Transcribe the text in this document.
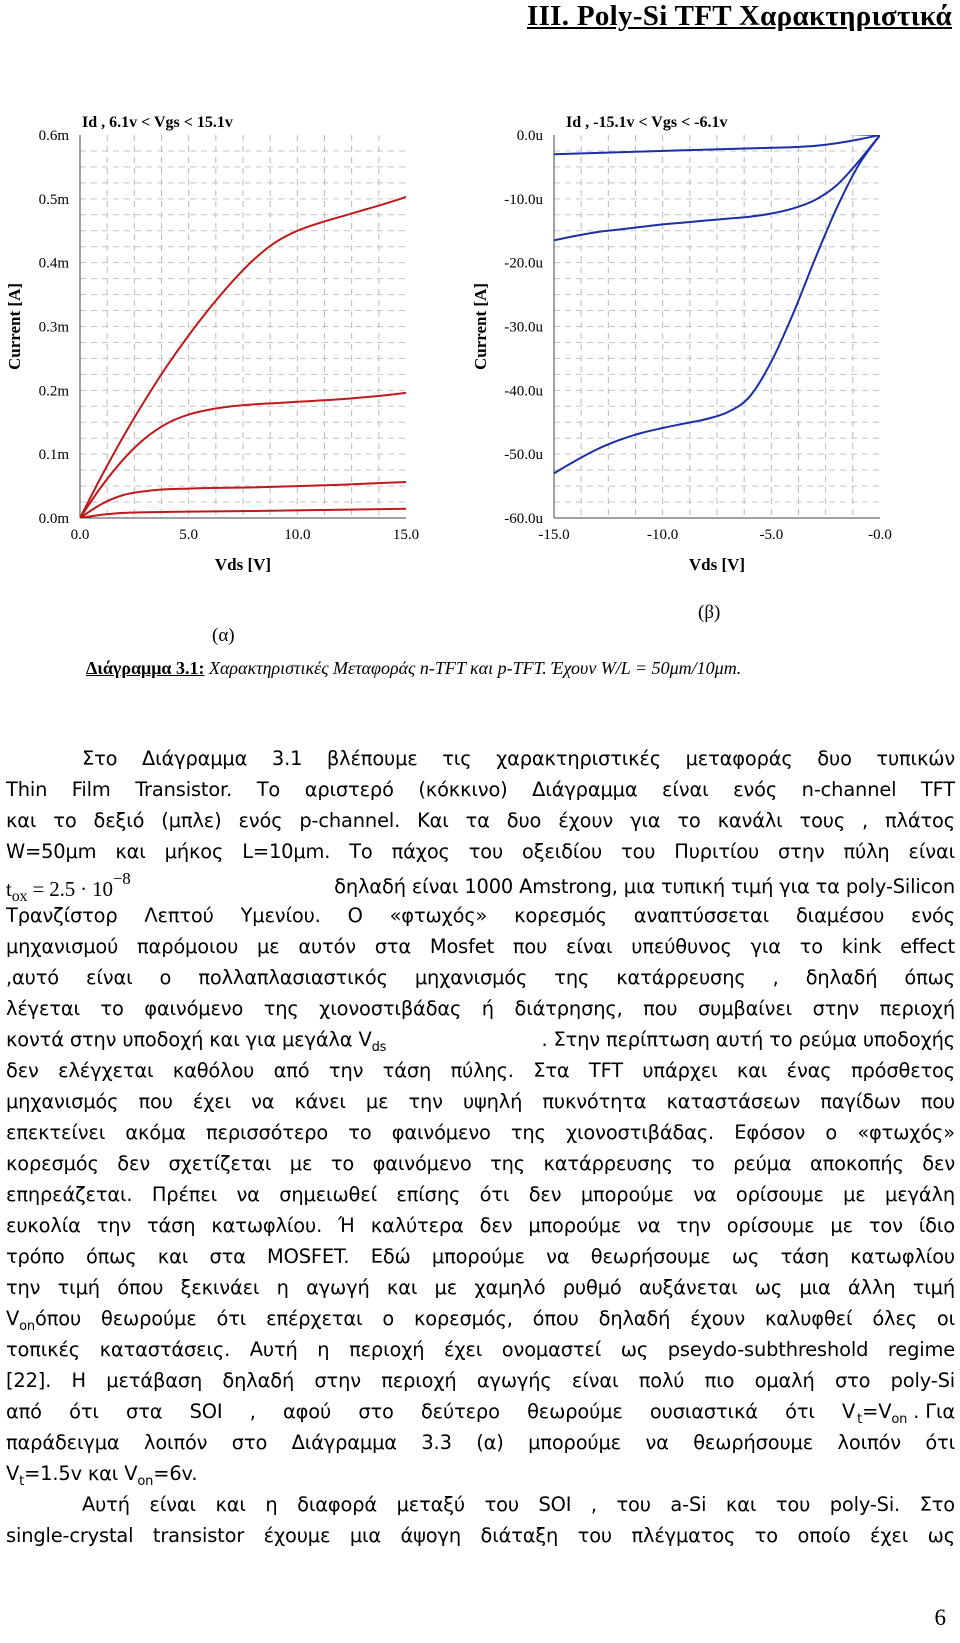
III. Poly-Si TFT Χαρακτηριστικά
0.0m
0.1m
0.2m
0.3m
0.4m
0.5m
0.6m
0.0	5.0	10.0	15.0
Id , 6.1v < Vgs < 15.1v
Vds [V]
Current [A]
-60.0u
-50.0u
-40.0u
-30.0u
-20.0u
-10.0u
0.0u
-15.0	-10.0	-5.0	-0.0
Id , -15.1v < Vgs < -6.1v
Vds [V]
Current [A]
(α)
(β)
Διάγραμμα 3.1: Χαρακτηριστικές Μεταφοράς n-TFT και p-TFT. Έχουν W/L = 50μm/10μm.
Στο Διάγραμμα 3.1 βλέπουμε τις χαρακτηριστικές μεταφοράς δυο τυπικών
Thin Film Transistor. Το αριστερό (κόκκινο) Διάγραμμα είναι ενός n-channel TFT
και το δεξιό (μπλε) ενός p-channel. Και τα δυο έχουν για το κανάλι τους , πλάτος
W=50μm και μήκος L=10μm. Το πάχος του οξειδίου του Πυριτίου στην πύλη είναι
$t_{ox} = 2.5 \cdot 10^{-8}$	δηλαδή είναι 1000 Amstrong, μια τυπική τιμή για τα poly-Silicon
Τρανζίστορ Λεπτού Υμενίου. Ο «φτωχός» κορεσμός αναπτύσσεται διαμέσου ενός
μηχανισμού παρόμοιου με αυτόν στα Mosfet που είναι υπεύθυνος για το kink effect
,αυτό είναι ο πολλαπλασιαστικός μηχανισμός της κατάρρευσης , δηλαδή όπως
λέγεται το φαινόμενο της χιονοστιβάδας ή διάτρησης, που συμβαίνει στην περιοχή
κοντά στην υποδοχή και για μεγάλα $V_{ds}$	. Στην περίπτωση αυτή το ρεύμα υποδοχής
δεν ελέγχεται καθόλου από την τάση πύλης. Στα TFT υπάρχει και ένας πρόσθετος
μηχανισμός που έχει να κάνει με την υψηλή πυκνότητα καταστάσεων παγίδων που
επεκτείνει ακόμα περισσότερο το φαινόμενο της χιονοστιβάδας. Εφόσον ο «φτωχός»
κορεσμός δεν σχετίζεται με το φαινόμενο της κατάρρευσης το ρεύμα αποκοπής δεν
επηρεάζεται. Πρέπει να σημειωθεί επίσης ότι δεν μπορούμε να ορίσουμε με μεγάλη
ευκολία την τάση κατωφλίου. Ή καλύτερα δεν μπορούμε να την ορίσουμε με τον ίδιο
τρόπο όπως και στα MOSFET. Εδώ μπορούμε να θεωρήσουμε ως τάση κατωφλίου
την τιμή όπου ξεκινάει η αγωγή και με χαμηλό ρυθμό αυξάνεται ως μια άλλη τιμή
$V_{on}$ όπου θεωρούμε ότι επέρχεται ο κορεσμός, όπου δηλαδή έχουν καλυφθεί όλες οι
τοπικές καταστάσεις. Αυτή η περιοχή έχει ονομαστεί ως pseydo-subthreshold regime
[22]. Η μετάβαση δηλαδή στην περιοχή αγωγής είναι πολύ πιο ομαλή στο poly-Si
από ότι στα SOI , αφού στο δεύτερο θεωρούμε ουσιαστικά ότι V $_t=V_{on}$ . Για
παράδειγμα λοιπόν στο Διάγραμμα 3.3 (α) μπορούμε να θεωρήσουμε λοιπόν ότι
$V_t=1.5v$ και $V_{on}=6v$.
Αυτή είναι και η διαφορά μεταξύ του SOI , του a-Si και του poly-Si. Στο
single-crystal transistor έχουμε μια άψογη διάταξη του πλέγματος το οποίο έχει ως
6
